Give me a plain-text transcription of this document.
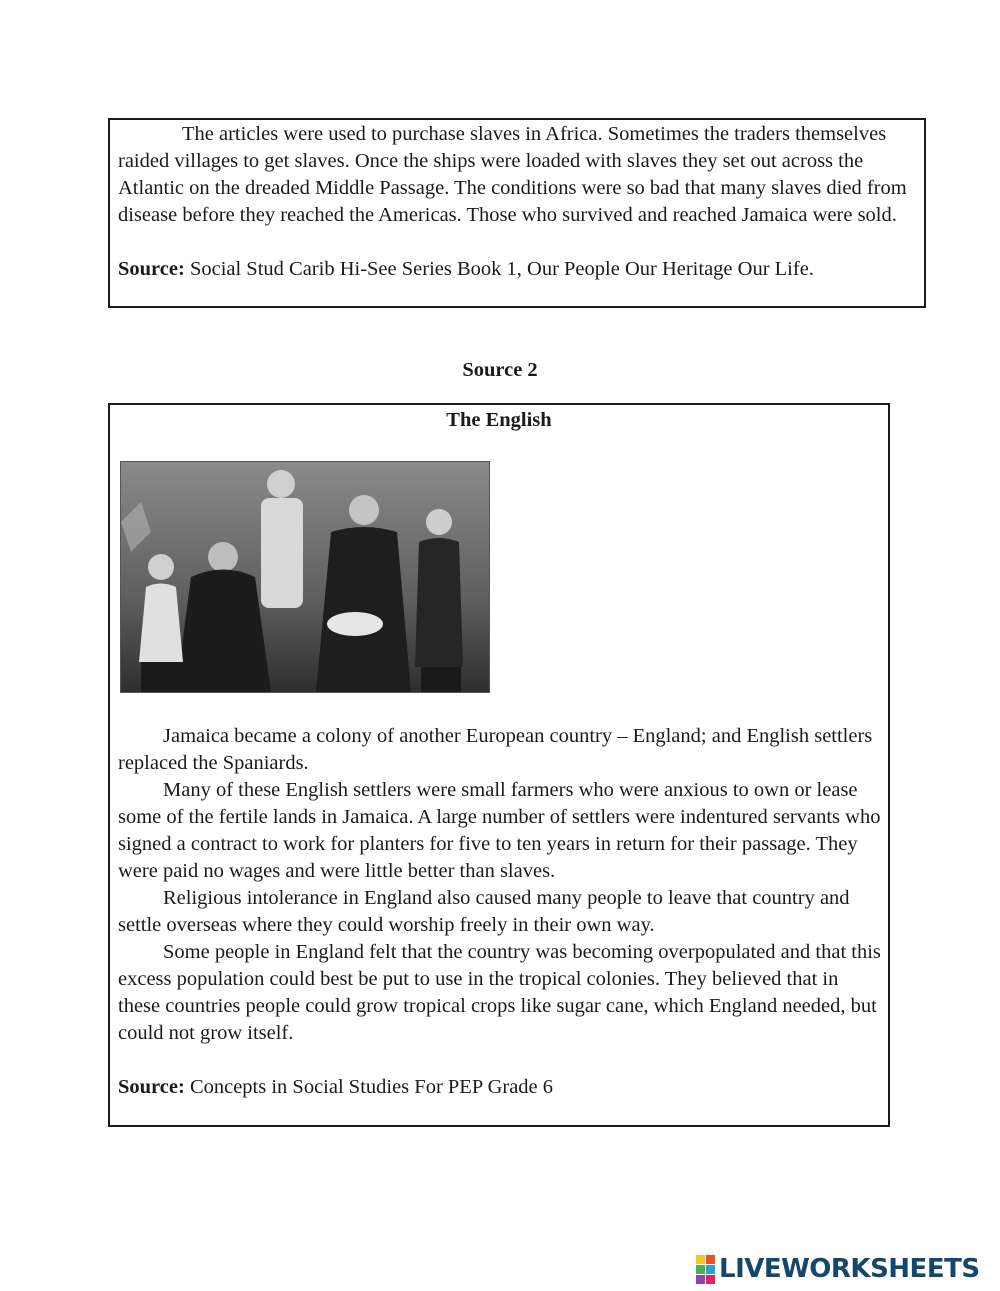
The articles were used to purchase slaves in Africa. Sometimes the traders themselves raided villages to get slaves. Once the ships were loaded with slaves they set out across the Atlantic on the dreaded Middle Passage. The conditions were so bad that many slaves died from disease before they reached the Americas. Those who survived and reached Jamaica were sold.

Source: Social Stud Carib Hi-See Series Book 1, Our People Our Heritage Our Life.

Source 2
The English

Jamaica became a colony of another European country – England; and English settlers replaced the Spaniards.

Many of these English settlers were small farmers who were anxious to own or lease some of the fertile lands in Jamaica. A large number of settlers were indentured servants who signed a contract to work for planters for five to ten years in return for their passage. They were paid no wages and were little better than slaves.

Religious intolerance in England also caused many people to leave that country and settle overseas where they could worship freely in their own way.

Some people in England felt that the country was becoming overpopulated and that this excess population could best be put to use in the tropical colonies. They believed that in these countries people could grow tropical crops like sugar cane, which England needed, but could not grow itself.

Source: Concepts in Social Studies For PEP Grade 6

LIVEWORKSHEETS
